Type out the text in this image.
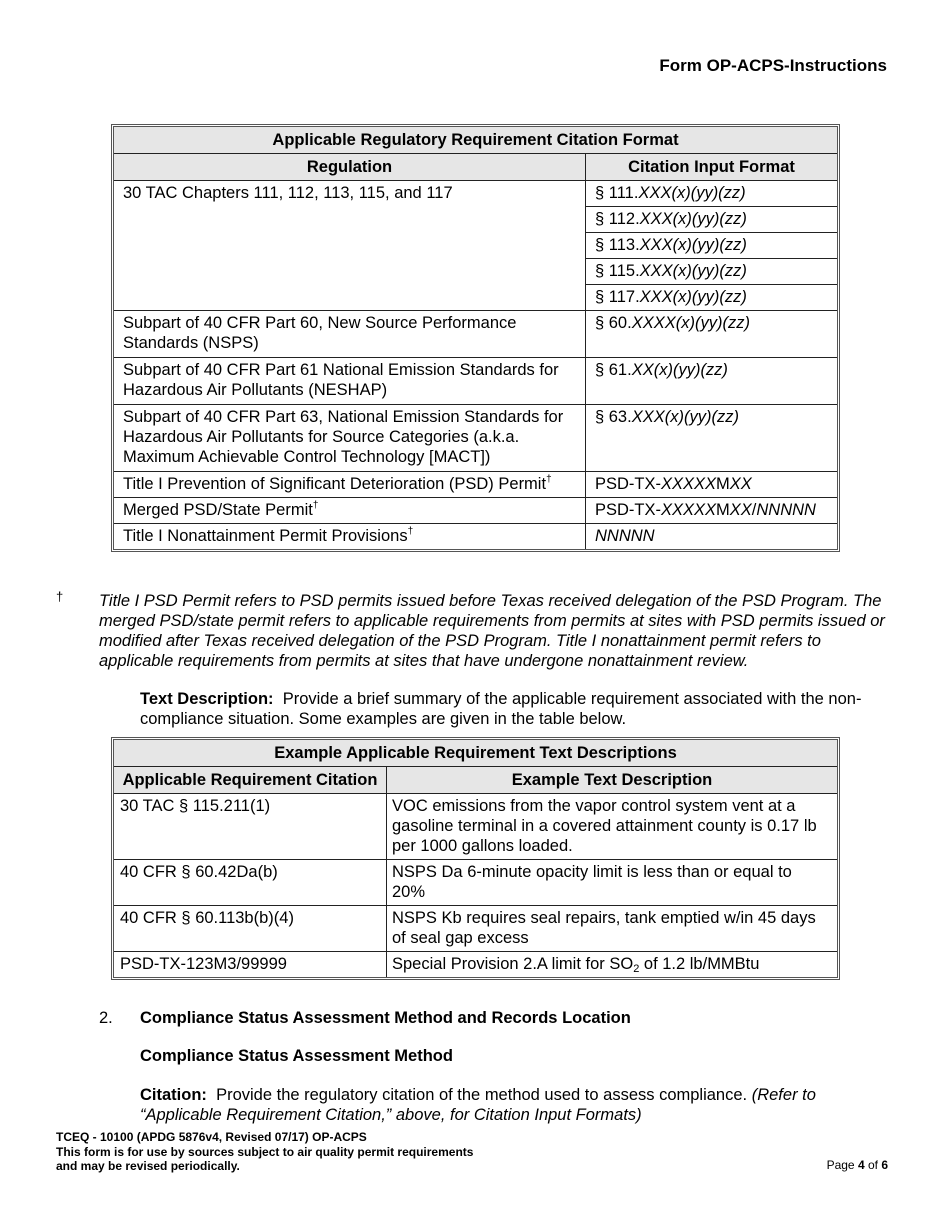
Form OP-ACPS-Instructions
Applicable Regulatory Requirement Citation Format	
Regulation	Citation Input Format
30 TAC Chapters 111, 112, 113, 115, and 117	§ 111.XXX(x)(yy)(zz)
	§ 112.XXX(x)(yy)(zz)
	§ 113.XXX(x)(yy)(zz)
	§ 115.XXX(x)(yy)(zz)
	§ 117.XXX(x)(yy)(zz)
Subpart of 40 CFR Part 60, New Source Performance Standards (NSPS)	§ 60.XXXX(x)(yy)(zz)
Subpart of 40 CFR Part 61 National Emission Standards for Hazardous Air Pollutants (NESHAP)	§ 61.XX(x)(yy)(zz)
Subpart of 40 CFR Part 63, National Emission Standards for Hazardous Air Pollutants for Source Categories (a.k.a. Maximum Achievable Control Technology [MACT])	§ 63.XXX(x)(yy)(zz)
Title I Prevention of Significant Deterioration (PSD) Permit†	PSD-TX-XXXXXMXX
Merged PSD/State Permit†	PSD-TX-XXXXXMXX/NNNNN
Title I Nonattainment Permit Provisions†	NNNNN
† Title I PSD Permit refers to PSD permits issued before Texas received delegation of the PSD Program. The merged PSD/state permit refers to applicable requirements from permits at sites with PSD permits issued or modified after Texas received delegation of the PSD Program. Title I nonattainment permit refers to applicable requirements from permits at sites that have undergone nonattainment review.
Text Description: Provide a brief summary of the applicable requirement associated with the non-compliance situation. Some examples are given in the table below.
Example Applicable Requirement Text Descriptions	
Applicable Requirement Citation	Example Text Description
30 TAC § 115.211(1)	VOC emissions from the vapor control system vent at a gasoline terminal in a covered attainment county is 0.17 lb per 1000 gallons loaded.
40 CFR § 60.42Da(b)	NSPS Da 6-minute opacity limit is less than or equal to 20%
40 CFR § 60.113b(b)(4)	NSPS Kb requires seal repairs, tank emptied w/in 45 days of seal gap excess
PSD-TX-123M3/99999	Special Provision 2.A limit for $SO_2$ of 1.2 lb/MMBtu
2. Compliance Status Assessment Method and Records Location
Compliance Status Assessment Method
Citation: Provide the regulatory citation of the method used to assess compliance. (Refer to “Applicable Requirement Citation,” above, for Citation Input Formats)
TCEQ - 10100 (APDG 5876v4, Revised 07/17) OP-ACPS
This form is for use by sources subject to air quality permit requirements
and may be revised periodically.	Page 4 of 6
